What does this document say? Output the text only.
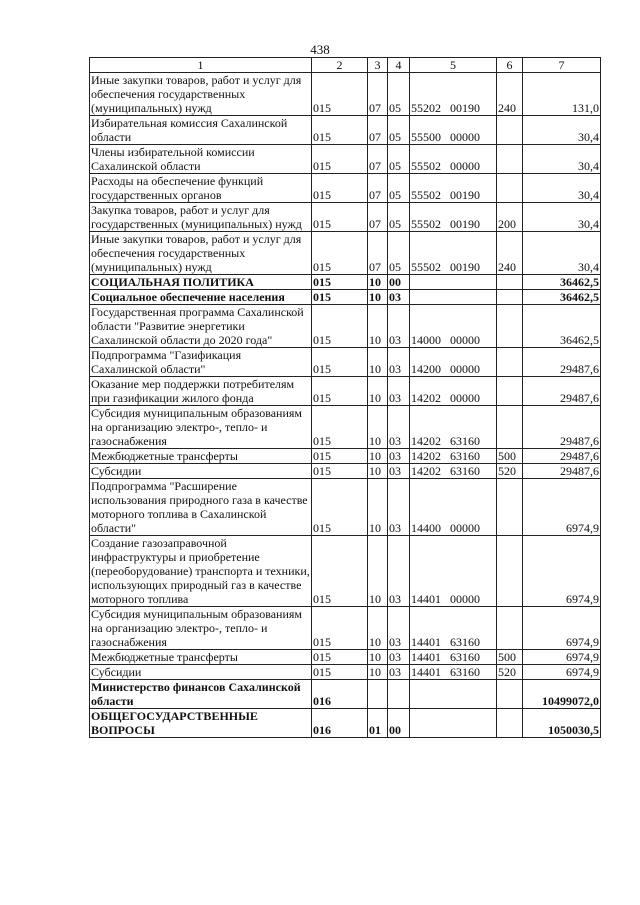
438
1	2	3	4	5	6	7
Иные закупки товаров, работ и услуг для обеспечения государственных (муниципальных) нужд	015	07	05	55202 00190	240	131,0
Избирательная комиссия Сахалинской области	015	07	05	55500 00000		30,4
Члены избирательной комиссии Сахалинской области	015	07	05	55502 00000		30,4
Расходы на обеспечение функций государственных органов	015	07	05	55502 00190		30,4
Закупка товаров, работ и услуг для государственных (муниципальных) нужд	015	07	05	55502 00190	200	30,4
Иные закупки товаров, работ и услуг для обеспечения государственных (муниципальных) нужд	015	07	05	55502 00190	240	30,4
СОЦИАЛЬНАЯ ПОЛИТИКА	015	10	00			36462,5
Социальное обеспечение населения	015	10	03			36462,5
Государственная программа Сахалинской области "Развитие энергетики Сахалинской области до 2020 года"	015	10	03	14000 00000		36462,5
Подпрограмма "Газификация Сахалинской области"	015	10	03	14200 00000		29487,6
Оказание мер поддержки потребителям при газификации жилого фонда	015	10	03	14202 00000		29487,6
Субсидия муниципальным образованиям на организацию электро-, тепло- и газоснабжения	015	10	03	14202 63160		29487,6
Межбюджетные трансферты	015	10	03	14202 63160	500	29487,6
Субсидии	015	10	03	14202 63160	520	29487,6
Подпрограмма "Расширение использования природного газа в качестве моторного топлива в Сахалинской области"	015	10	03	14400 00000		6974,9
Создание газозаправочной инфраструктуры и приобретение (переоборудование) транспорта и техники, использующих природный газ в качестве моторного топлива	015	10	03	14401 00000		6974,9
Субсидия муниципальным образованиям на организацию электро-, тепло- и газоснабжения	015	10	03	14401 63160		6974,9
Межбюджетные трансферты	015	10	03	14401 63160	500	6974,9
Субсидии	015	10	03	14401 63160	520	6974,9
Министерство финансов Сахалинской области	016					10499072,0
ОБЩЕГОСУДАРСТВЕННЫЕ ВОПРОСЫ	016	01	00			1050030,5
